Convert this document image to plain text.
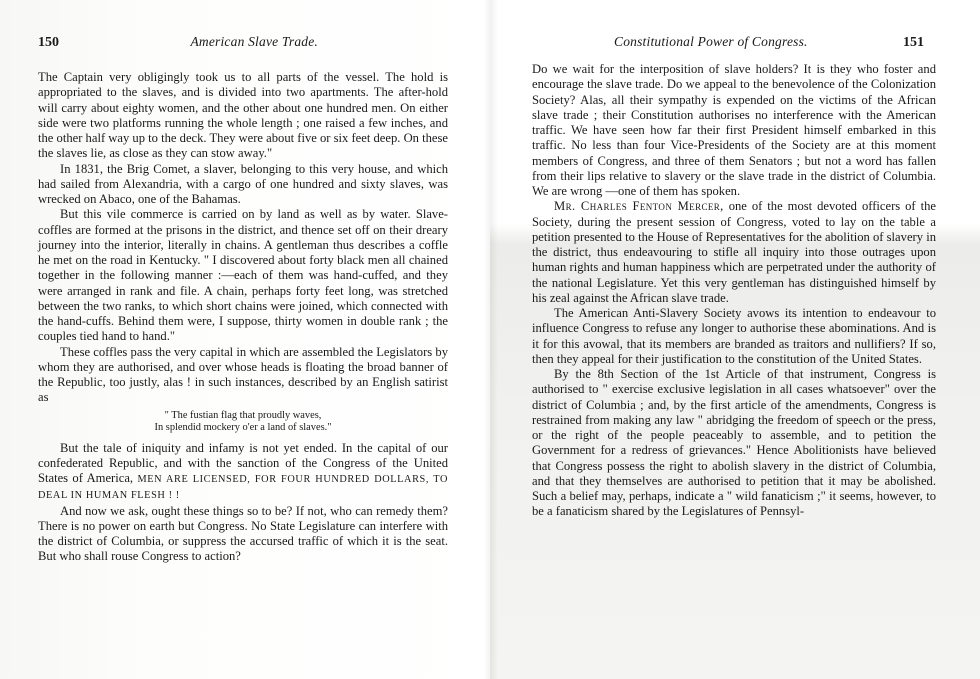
150	American Slave Trade.	Constitutional Power of Congress.	151

The Captain very obligingly took us to all parts of the vessel. The hold is appropriated to the slaves, and is divided into two apartments. The after-hold will carry about eighty women, and the other about one hundred men. On either side were two platforms running the whole length ; one raised a few inches, and the other half way up to the deck. They were about five or six feet deep. On these the slaves lie, as close as they can stow away."

In 1831, the Brig Comet, a slaver, belonging to this very house, and which had sailed from Alexandria, with a cargo of one hundred and sixty slaves, was wrecked on Abaco, one of the Bahamas.

But this vile commerce is carried on by land as well as by water. Slave-coffles are formed at the prisons in the district, and thence set off on their dreary journey into the interior, literally in chains. A gentleman thus describes a coffle he met on the road in Kentucky. " I discovered about forty black men all chained together in the following manner :—each of them was hand-cuffed, and they were arranged in rank and file. A chain, perhaps forty feet long, was stretched between the two ranks, to which short chains were joined, which connected with the hand-cuffs. Behind them were, I suppose, thirty women in double rank ; the couples tied hand to hand."

These coffles pass the very capital in which are assembled the Legislators by whom they are authorised, and over whose heads is floating the broad banner of the Republic, too justly, alas ! in such instances, described by an English satirist as

" The fustian flag that proudly waves,
In splendid mockery o'er a land of slaves."

But the tale of iniquity and infamy is not yet ended. In the capital of our confederated Republic, and with the sanction of the Congress of the United States of America, MEN ARE LICENSED, FOR FOUR HUNDRED DOLLARS, TO DEAL IN HUMAN FLESH ! !

And now we ask, ought these things so to be? If not, who can remedy them? There is no power on earth but Congress. No State Legislature can interfere with the district of Columbia, or suppress the accursed traffic of which it is the seat. But who shall rouse Congress to action?

Do we wait for the interposition of slave holders? It is they who foster and encourage the slave trade. Do we appeal to the benevolence of the Colonization Society? Alas, all their sympathy is expended on the victims of the African slave trade ; their Constitution authorises no interference with the American traffic. We have seen how far their first President himself embarked in this traffic. No less than four Vice-Presidents of the Society are at this moment members of Congress, and three of them Senators ; but not a word has fallen from their lips relative to slavery or the slave trade in the district of Columbia. We are wrong —one of them has spoken.

Mr. Charles Fenton Mercer, one of the most devoted officers of the Society, during the present session of Congress, voted to lay on the table a petition presented to the House of Representatives for the abolition of slavery in the district, thus endeavouring to stifle all inquiry into those outrages upon human rights and human happiness which are perpetrated under the authority of the national Legislature. Yet this very gentleman has distinguished himself by his zeal against the African slave trade.

The American Anti-Slavery Society avows its intention to endeavour to influence Congress to refuse any longer to authorise these abominations. And is it for this avowal, that its members are branded as traitors and nullifiers? If so, then they appeal for their justification to the constitution of the United States.

By the 8th Section of the 1st Article of that instrument, Congress is authorised to " exercise exclusive legislation in all cases whatsoever" over the district of Columbia ; and, by the first article of the amendments, Congress is restrained from making any law " abridging the freedom of speech or the press, or the right of the people peaceably to assemble, and to petition the Government for a redress of grievances." Hence Abolitionists have believed that Congress possess the right to abolish slavery in the district of Columbia, and that they themselves are authorised to petition that it may be abolished. Such a belief may, perhaps, indicate a " wild fanaticism ;" it seems, however, to be a fanaticism shared by the Legislatures of Pennsyl-
